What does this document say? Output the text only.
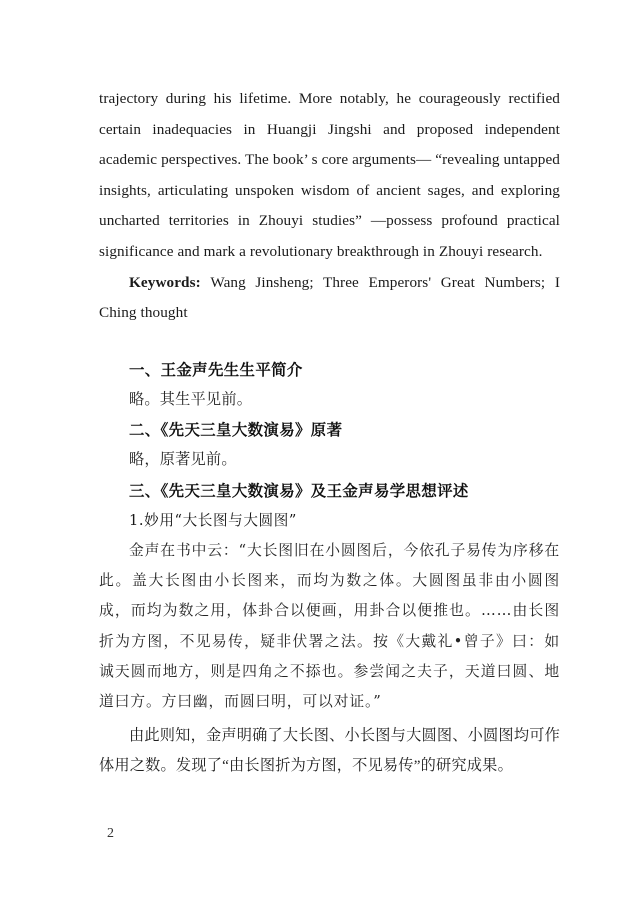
trajectory during his lifetime. More notably, he courageously rectified certain inadequacies in Huangji Jingshi and proposed independent academic perspectives. The book’ s core arguments— “revealing untapped insights, articulating unspoken wisdom of ancient sages, and exploring uncharted territories in Zhouyi studies” —possess profound practical significance and mark a revolutionary breakthrough in Zhouyi research.

Keywords: Wang Jinsheng; Three Emperors' Great Numbers; I Ching thought

一、王金声先生生平简介

略。其生平见前。

二、《先天三皇大数演易》原著

略，原著见前。

三、《先天三皇大数演易》及王金声易学思想评述

1.妙用“大长图与大圆图”

金声在书中云：“大长图旧在小圆图后，今依孔子易传为序移在此。盖大长图由小长图来，而均为数之体。大圆图虽非由小圆图成，而均为数之用，体卦合以便画，用卦合以便推也。……由长图折为方图，不见易传，疑非伏署之法。按《大戴礼•曾子》曰：如诚天圆而地方，则是四角之不掭也。参尝闻之夫子，天道曰圆、地道曰方。方曰幽，而圆曰明，可以对证。”

由此则知，金声明确了大长图、小长图与大圆图、小圆图均可作体用之数。发现了“由长图折为方图，不见易传”的研究成果。

2
